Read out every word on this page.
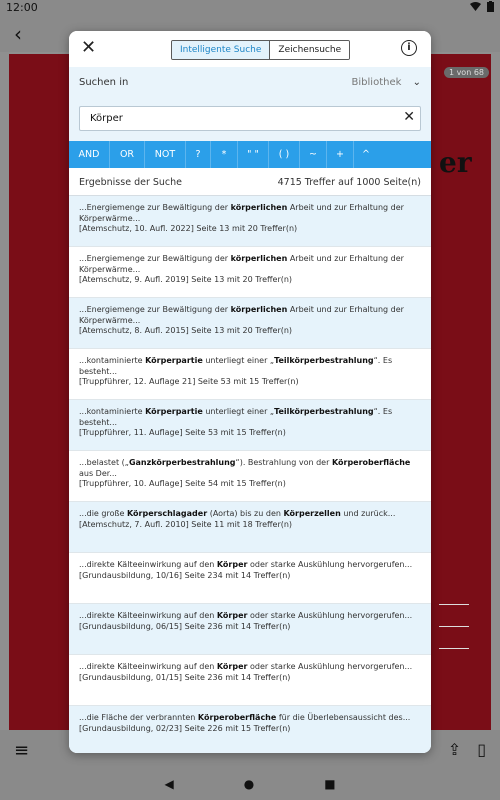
12:00
‹
1 von 68
er
≡	⇪ ▯
◀	●	■
✕	Intelligente Suche	Zeichensuche	i
Suchen in	Bibliothek ⌄
Körper
✕
AND	OR	NOT	?	*	" "	( )	~	+	^
Ergebnisse der Suche	4715 Treffer auf 1000 Seite(n)
...Energiemenge zur Bewältigung der körperlichen Arbeit und zur Erhaltung der Körperwärme...
[Atemschutz, 10. Aufl. 2022] Seite 13 mit 20 Treffer(n)
...Energiemenge zur Bewältigung der körperlichen Arbeit und zur Erhaltung der Körperwärme...
[Atemschutz, 9. Aufl. 2019] Seite 13 mit 20 Treffer(n)
...Energiemenge zur Bewältigung der körperlichen Arbeit und zur Erhaltung der Körperwärme...
[Atemschutz, 8. Aufl. 2015] Seite 13 mit 20 Treffer(n)
...kontaminierte Körperpartie unterliegt einer „Teilkörperbestrahlung“. Es besteht...
[Truppführer, 12. Auflage 21] Seite 53 mit 15 Treffer(n)
...kontaminierte Körperpartie unterliegt einer „Teilkörperbestrahlung“. Es besteht...
[Truppführer, 11. Auflage] Seite 53 mit 15 Treffer(n)
...belastet („Ganzkörperbestrahlung“). Bestrahlung von der Körperoberfläche aus Der...
[Truppführer, 10. Auflage] Seite 54 mit 15 Treffer(n)
...die große Körperschlagader (Aorta) bis zu den Körperzellen und zurück...
[Atemschutz, 7. Aufl. 2010] Seite 11 mit 18 Treffer(n)
...direkte Kälteeinwirkung auf den Körper oder starke Auskühlung hervorgerufen...
[Grundausbildung, 10/16] Seite 234 mit 14 Treffer(n)
...direkte Kälteeinwirkung auf den Körper oder starke Auskühlung hervorgerufen...
[Grundausbildung, 06/15] Seite 236 mit 14 Treffer(n)
...direkte Kälteeinwirkung auf den Körper oder starke Auskühlung hervorgerufen...
[Grundausbildung, 01/15] Seite 236 mit 14 Treffer(n)
...die Fläche der verbrannten Körperoberfläche für die Überlebensaussicht des...
[Grundausbildung, 02/23] Seite 226 mit 15 Treffer(n)
